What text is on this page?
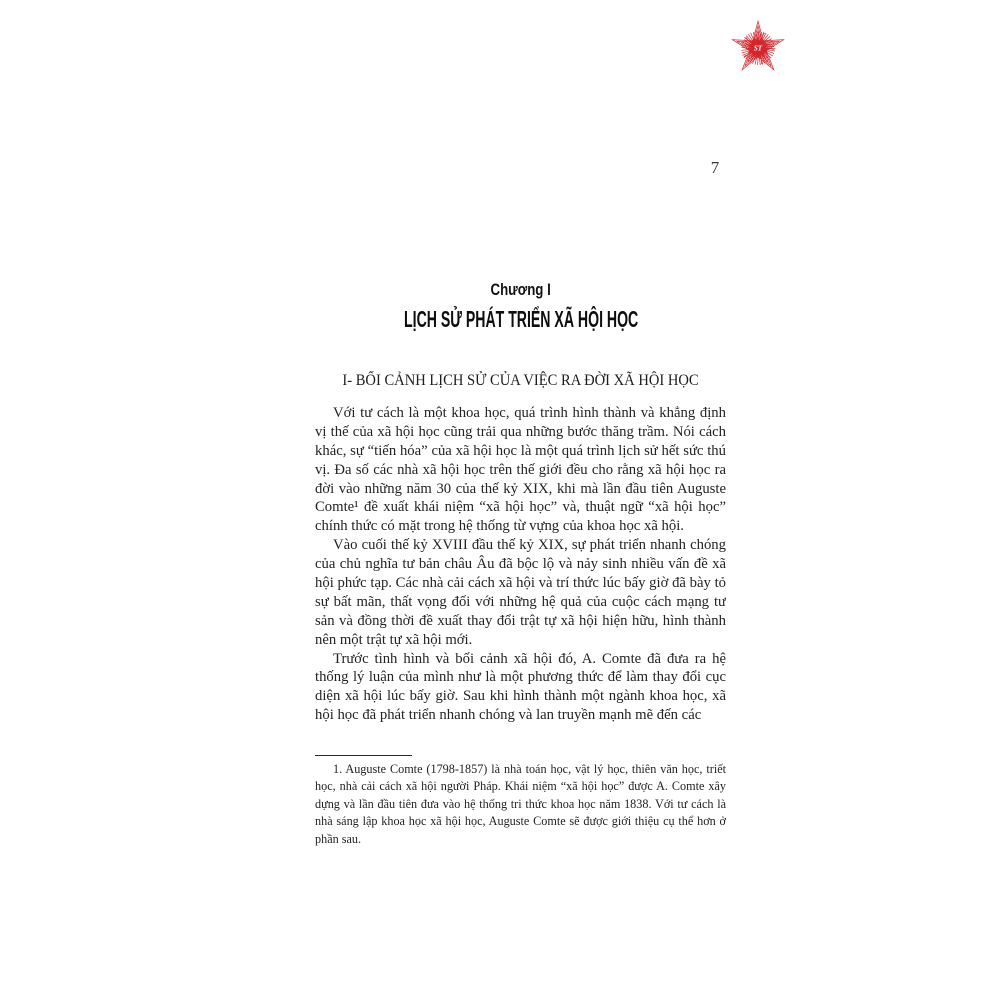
ST
7
Chương I
LỊCH SỬ PHÁT TRIỂN XÃ HỘI HỌC
I- BỐI CẢNH LỊCH SỬ CỦA VIỆC RA ĐỜI XÃ HỘI HỌC
Với tư cách là một khoa học, quá trình hình thành và khẳng định
vị thế của xã hội học cũng trải qua những bước thăng trầm. Nói cách
khác, sự “tiến hóa” của xã hội học là một quá trình lịch sử hết sức thú
vị. Đa số các nhà xã hội học trên thế giới đều cho rằng xã hội học ra
đời vào những năm 30 của thế kỷ XIX, khi mà lần đầu tiên Auguste
Comte¹ đề xuất khái niệm “xã hội học” và, thuật ngữ “xã hội học”
chính thức có mặt trong hệ thống từ vựng của khoa học xã hội.
Vào cuối thế kỷ XVIII đầu thế kỷ XIX, sự phát triển nhanh chóng
của chủ nghĩa tư bản châu Âu đã bộc lộ và nảy sinh nhiều vấn đề xã
hội phức tạp. Các nhà cải cách xã hội và trí thức lúc bấy giờ đã bày tỏ
sự bất mãn, thất vọng đối với những hệ quả của cuộc cách mạng tư
sản và đồng thời đề xuất thay đổi trật tự xã hội hiện hữu, hình thành
nên một trật tự xã hội mới.
Trước tình hình và bối cảnh xã hội đó, A. Comte đã đưa ra hệ
thống lý luận của mình như là một phương thức để làm thay đổi cục
diện xã hội lúc bấy giờ. Sau khi hình thành một ngành khoa học, xã
hội học đã phát triển nhanh chóng và lan truyền mạnh mẽ đến các
1. Auguste Comte (1798-1857) là nhà toán học, vật lý học, thiên văn học, triết
học, nhà cải cách xã hội người Pháp. Khái niệm “xã hội học” được A. Comte xây
dựng và lần đầu tiên đưa vào hệ thống tri thức khoa học năm 1838. Với tư cách là
nhà sáng lập khoa học xã hội học, Auguste Comte sẽ được giới thiệu cụ thể hơn ở
phần sau.
